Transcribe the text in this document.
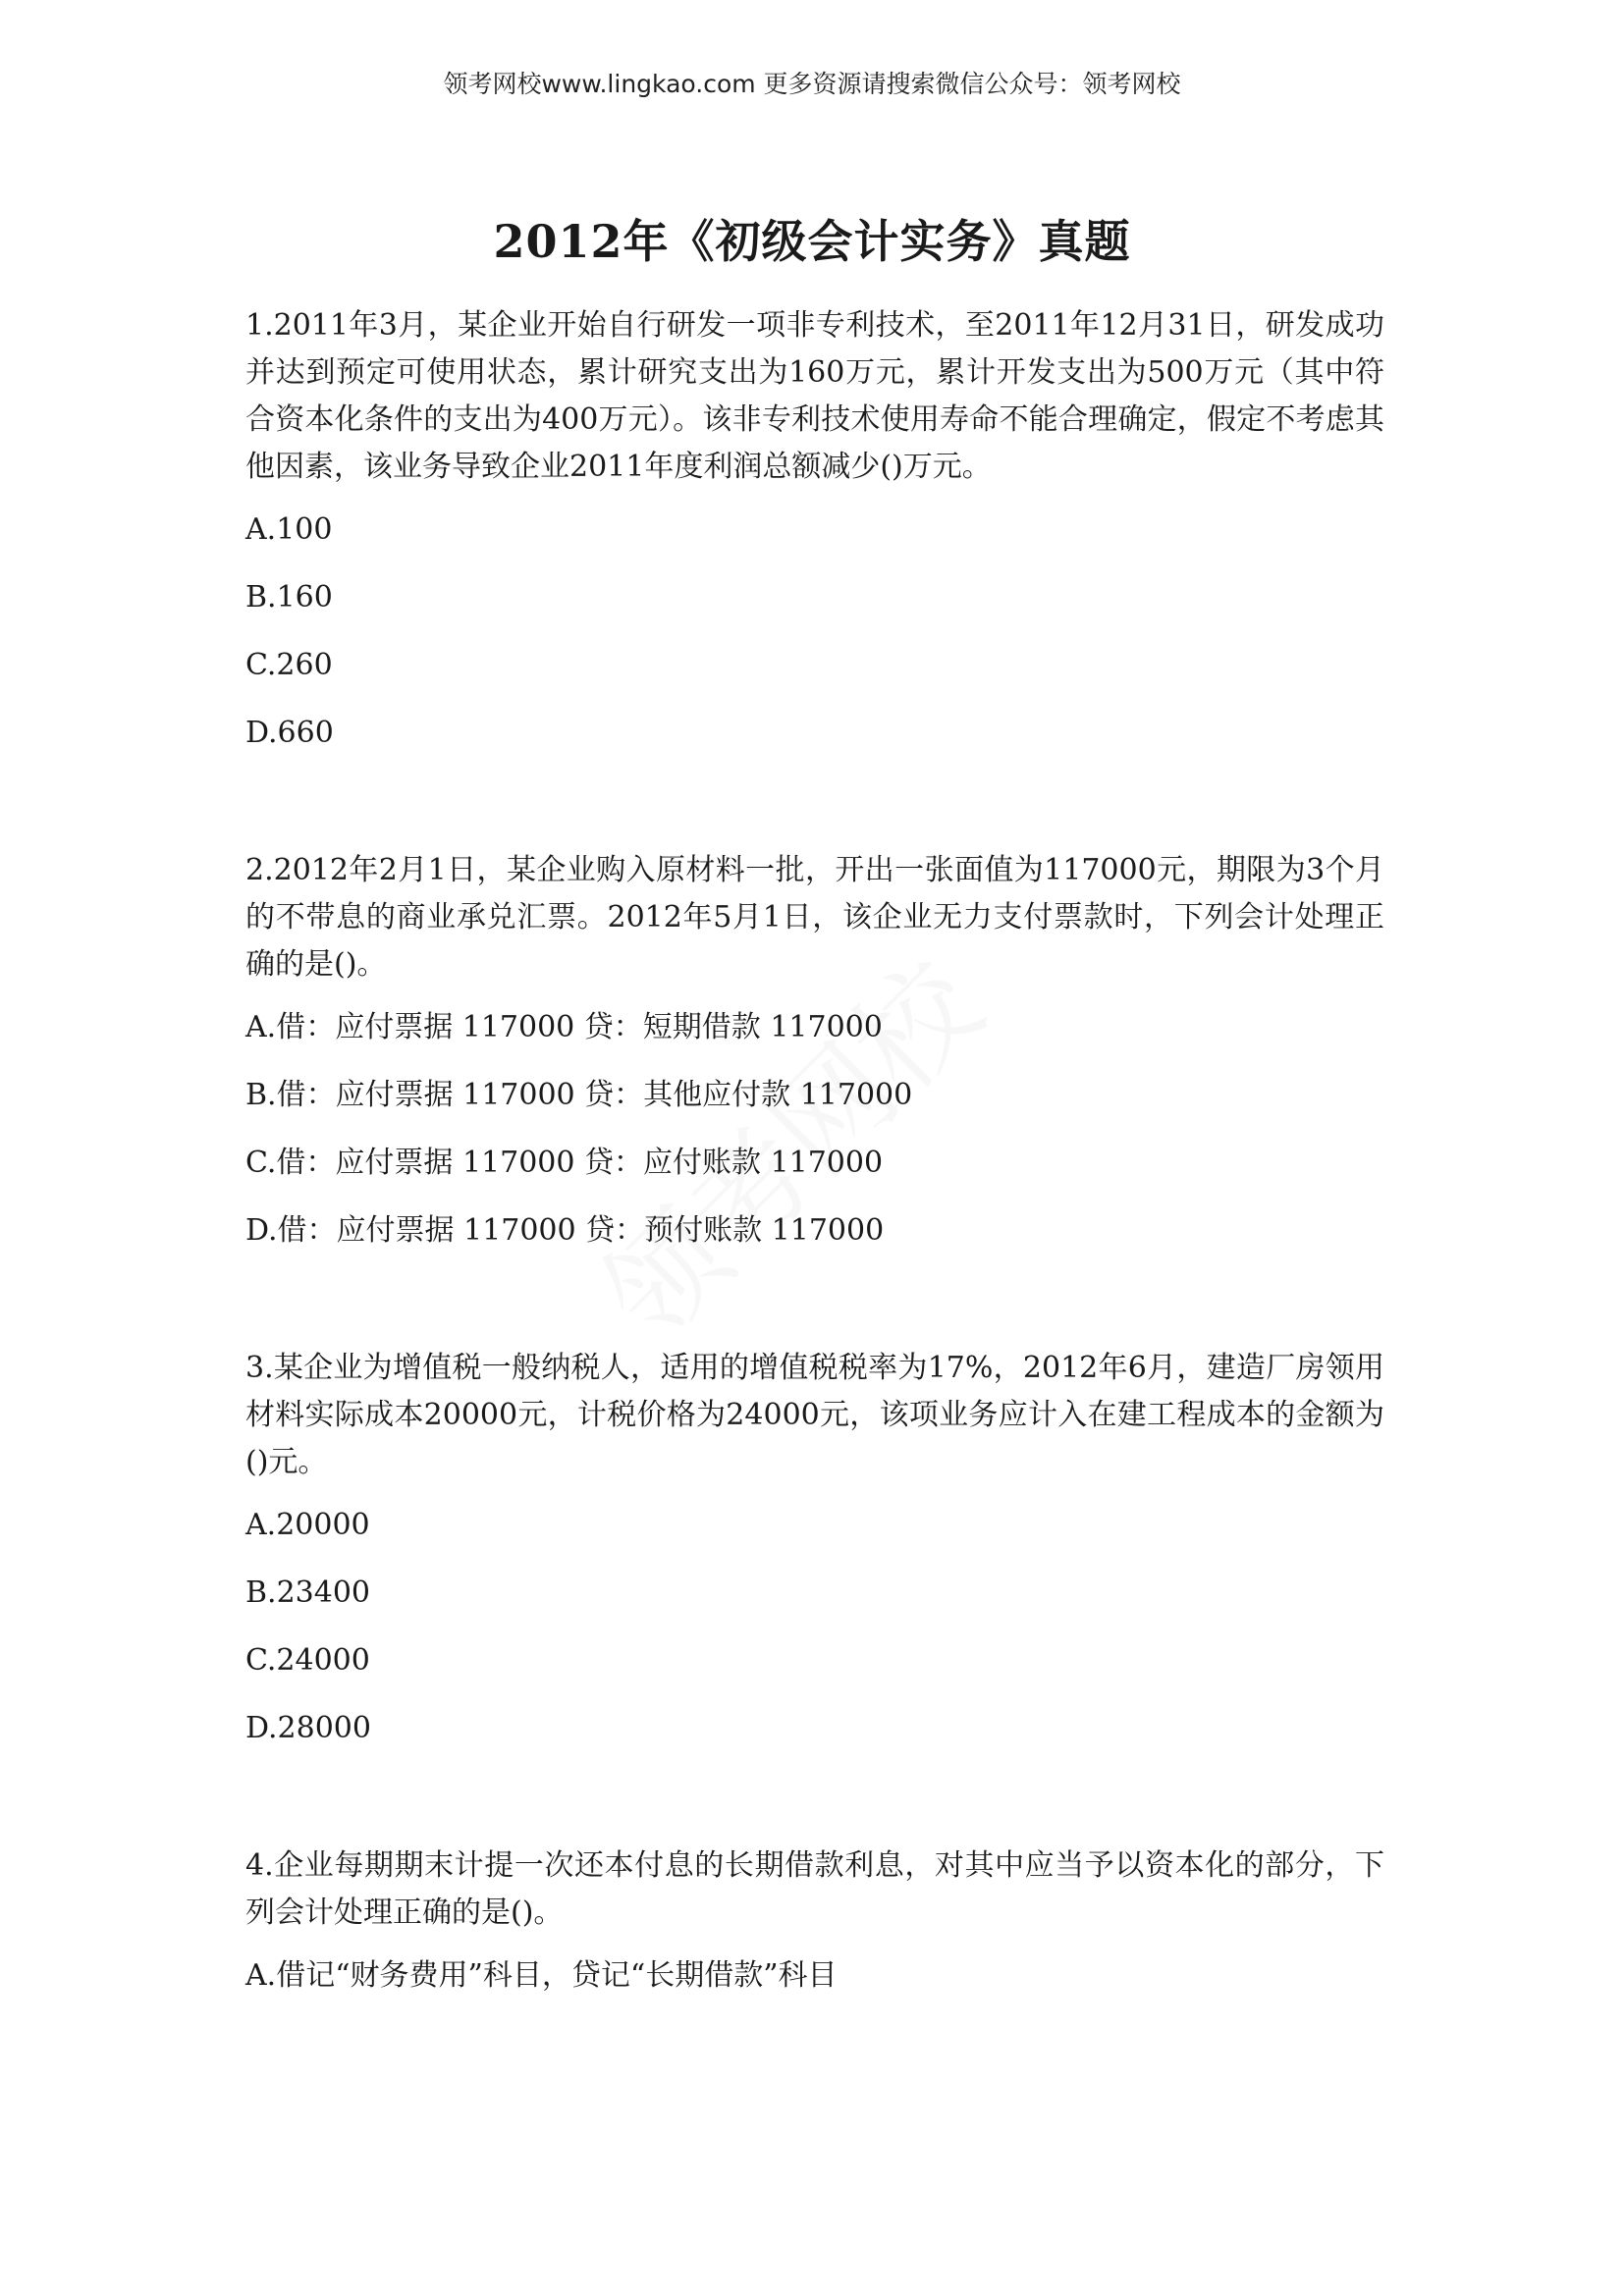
领考网校www.lingkao.com 更多资源请搜索微信公众号：领考网校
2012年《初级会计实务》真题

1.2011年3月，某企业开始自行研发一项非专利技术，至2011年12月31日，研发成功并达到预定可使用状态，累计研究支出为160万元，累计开发支出为500万元（其中符合资本化条件的支出为400万元）。该非专利技术使用寿命不能合理确定，假定不考虑其他因素，该业务导致企业2011年度利润总额减少()万元。

A.100
B.160
C.260
D.660

2.2012年2月1日，某企业购入原材料一批，开出一张面值为117000元，期限为3个月的不带息的商业承兑汇票。2012年5月1日，该企业无力支付票款时，下列会计处理正确的是()。

A.借：应付票据 117000 贷：短期借款 117000
B.借：应付票据 117000 贷：其他应付款 117000
C.借：应付票据 117000 贷：应付账款 117000
D.借：应付票据 117000 贷：预付账款 117000

3.某企业为增值税一般纳税人，适用的增值税税率为17%，2012年6月，建造厂房领用材料实际成本20000元，计税价格为24000元，该项业务应计入在建工程成本的金额为()元。

A.20000
B.23400
C.24000
D.28000

4.企业每期期末计提一次还本付息的长期借款利息，对其中应当予以资本化的部分，下列会计处理正确的是()。

A.借记“财务费用”科目，贷记“长期借款”科目
